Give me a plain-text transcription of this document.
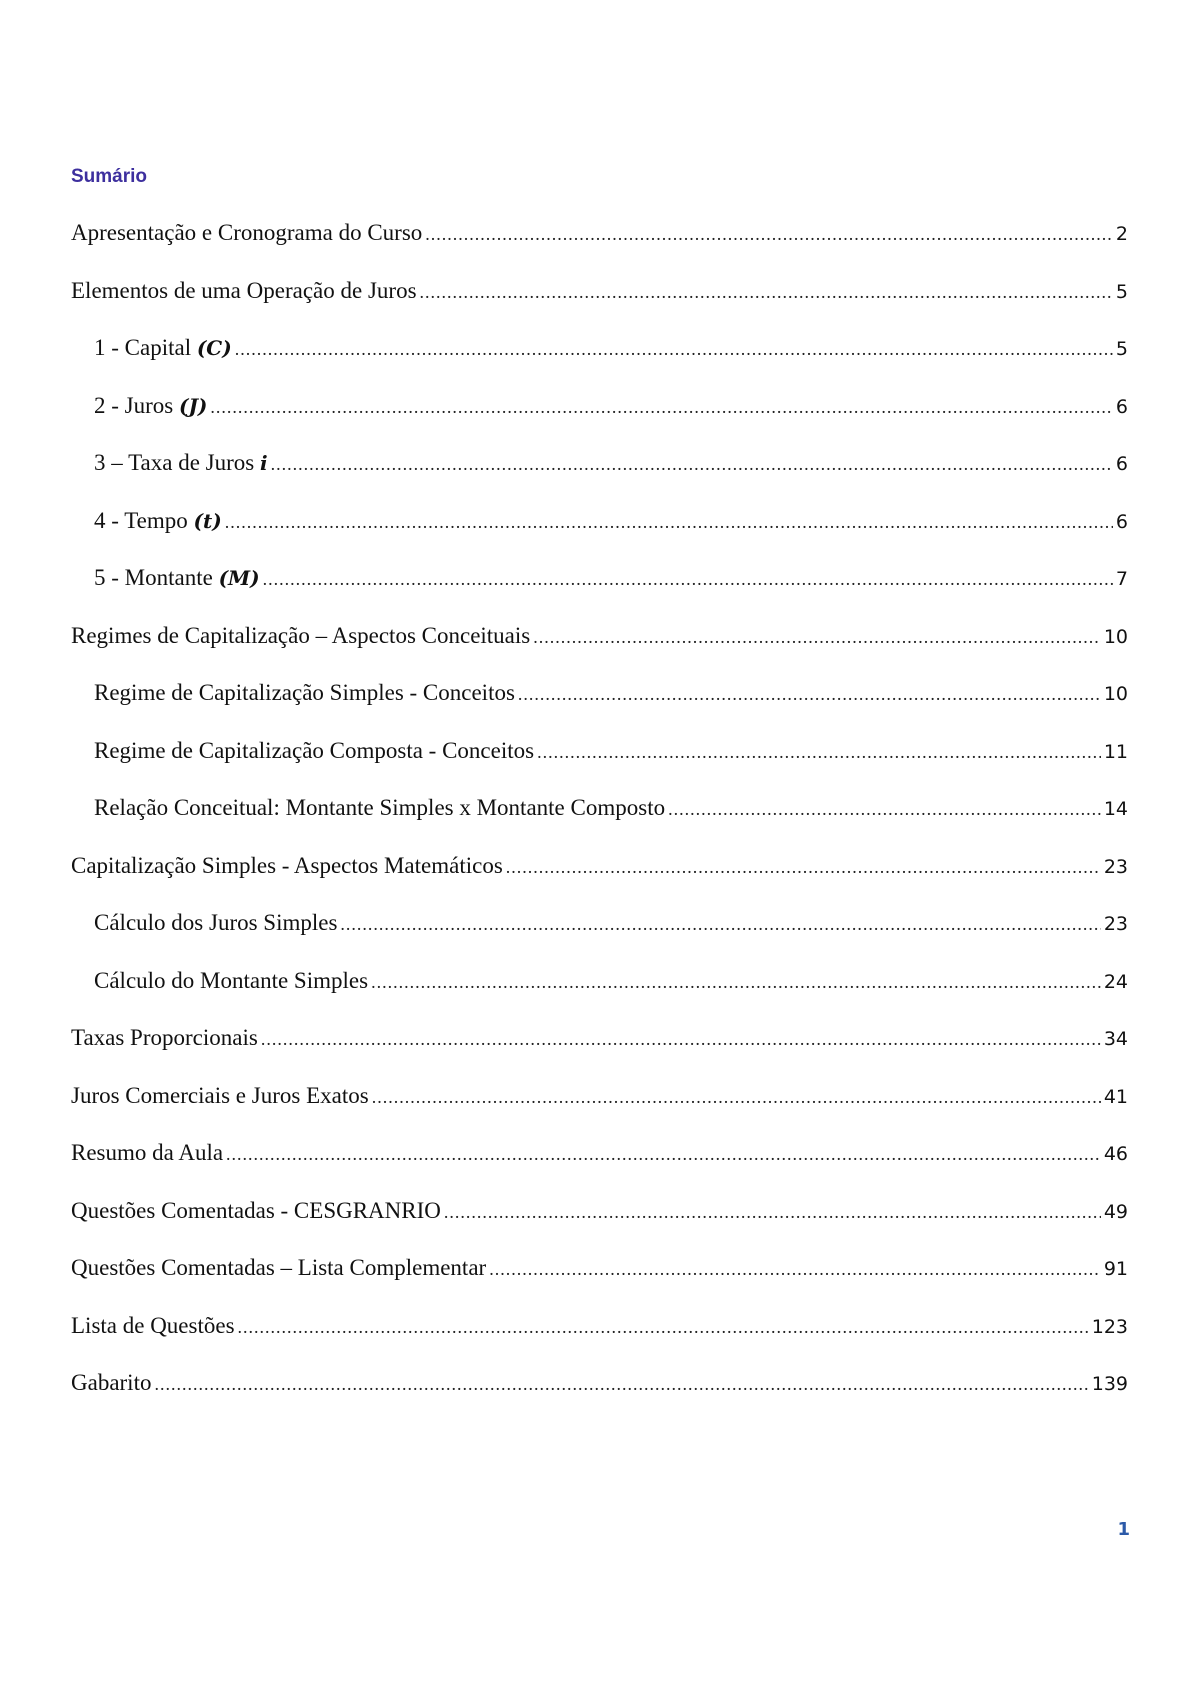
Sumário
Apresentação e Cronograma do Curso .....	2
Elementos de uma Operação de Juros .....	5
1 - Capital (C) .....	5
2 - Juros (J) .....	6
3 – Taxa de Juros i .....	6
4 - Tempo (t) .....	6
5 - Montante (M) .....	7
Regimes de Capitalização – Aspectos Conceituais .....	10
Regime de Capitalização Simples - Conceitos .....	10
Regime de Capitalização Composta - Conceitos .....	11
Relação Conceitual: Montante Simples x Montante Composto .....	14
Capitalização Simples - Aspectos Matemáticos .....	23
Cálculo dos Juros Simples .....	23
Cálculo do Montante Simples .....	24
Taxas Proporcionais .....	34
Juros Comerciais e Juros Exatos .....	41
Resumo da Aula .....	46
Questões Comentadas - CESGRANRIO .....	49
Questões Comentadas – Lista Complementar .....	91
Lista de Questões .....	123
Gabarito .....	139
1
